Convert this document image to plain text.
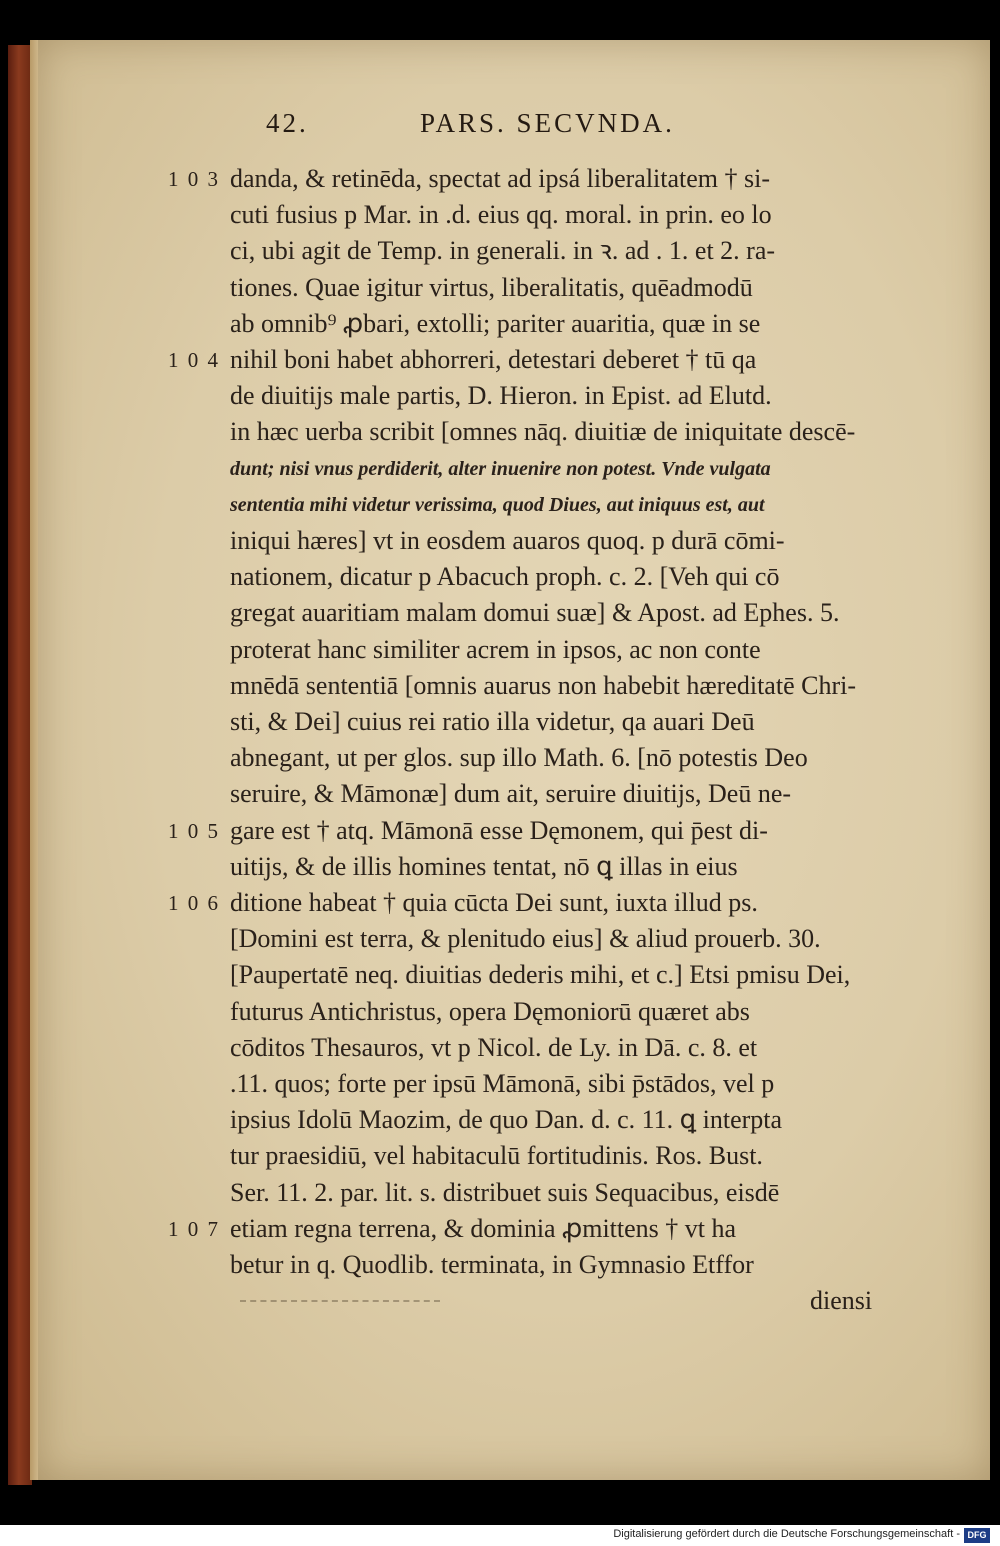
42.	PARS. SECVNDA.
danda, & retinēda, spectat ad ipsá liberalitatem † si-
1 0 3
cuti fusius p Mar. in .d. eius qq. moral. in prin. eo lo
ci, ubi agit de Temp. in generali. in ꝛ. ad . 1. et 2. ra-
tiones. Quae igitur virtus, liberalitatis, quēadmodū
ab omnib⁹ ꝓbari, extolli; pariter auaritia, quæ in se
nihil boni habet abhorreri, detestari deberet † tū qa
1 0 4
de diuitijs male partis, D. Hieron. in Epist. ad Elutd.
in hæc uerba scribit [omnes nāq. diuitiæ de iniquitate descē-
dunt; nisi vnus perdiderit, alter inuenire non potest. Vnde vulgata
sententia mihi videtur verissima, quod Diues, aut iniquus est, aut
iniqui hæres] vt in eosdem auaros quoq. p durā cōmi-
nationem, dicatur p Abacuch proph. c. 2. [Veh qui cō
gregat auaritiam malam domui suæ] & Apost. ad Ephes. 5.
proterat hanc similiter acrem in ipsos, ac non conte
mnēdā sententiā [omnis auarus non habebit hæreditatē Chri-
sti, & Dei] cuius rei ratio illa videtur, qa auari Deū
abnegant, ut per glos. sup illo Math. 6. [nō potestis Deo
seruire, & Māmonæ] dum ait, seruire diuitijs, Deū ne-
gare est † atq. Māmonā esse Dęmonem, qui p̄est di-
1 0 5
uitijs, & de illis homines tentat, nō ꝗ illas in eius
ditione habeat † quia cūcta Dei sunt, iuxta illud ps.
1 0 6
[Domini est terra, & plenitudo eius] & aliud prouerb. 30.
[Paupertatē neq. diuitias dederis mihi, et c.] Etsi pmisu Dei,
futurus Antichristus, opera Dęmoniorū quæret abs
cōditos Thesauros, vt p Nicol. de Ly. in Dā. c. 8. et
.11. quos; forte per ipsū Māmonā, sibi p̄stādos, vel p
ipsius Idolū Maozim, de quo Dan. d. c. 11. ꝗ interpta
tur praesidiū, vel habitaculū fortitudinis. Ros. Bust.
Ser. 11. 2. par. lit. s. distribuet suis Sequacibus, eisdē
etiam regna terrena, & dominia ꝓmittens † vt ha
1 0 7
betur in q. Quodlib. terminata, in Gymnasio Etffor
diensi
Digitalisierung gefördert durch die Deutsche Forschungsgemeinschaft - DFG
